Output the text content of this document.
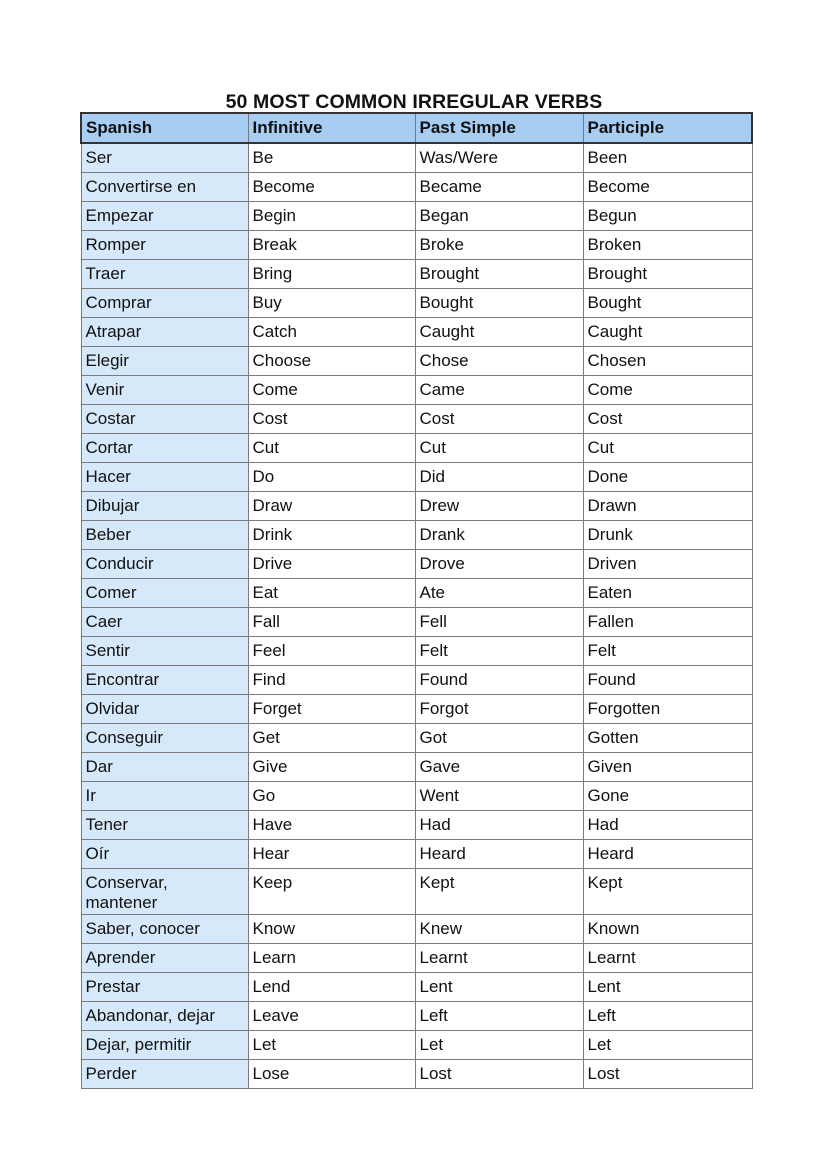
50 MOST COMMON IRREGULAR VERBS
Spanish	Infinitive	Past Simple	Participle
Ser	Be	Was/Were	Been
Convertirse en	Become	Became	Become
Empezar	Begin	Began	Begun
Romper	Break	Broke	Broken
Traer	Bring	Brought	Brought
Comprar	Buy	Bought	Bought
Atrapar	Catch	Caught	Caught
Elegir	Choose	Chose	Chosen
Venir	Come	Came	Come
Costar	Cost	Cost	Cost
Cortar	Cut	Cut	Cut
Hacer	Do	Did	Done
Dibujar	Draw	Drew	Drawn
Beber	Drink	Drank	Drunk
Conducir	Drive	Drove	Driven
Comer	Eat	Ate	Eaten
Caer	Fall	Fell	Fallen
Sentir	Feel	Felt	Felt
Encontrar	Find	Found	Found
Olvidar	Forget	Forgot	Forgotten
Conseguir	Get	Got	Gotten
Dar	Give	Gave	Given
Ir	Go	Went	Gone
Tener	Have	Had	Had
Oír	Hear	Heard	Heard
Conservar, mantener	Keep	Kept	Kept
Saber, conocer	Know	Knew	Known
Aprender	Learn	Learnt	Learnt
Prestar	Lend	Lent	Lent
Abandonar, dejar	Leave	Left	Left
Dejar, permitir	Let	Let	Let
Perder	Lose	Lost	Lost
